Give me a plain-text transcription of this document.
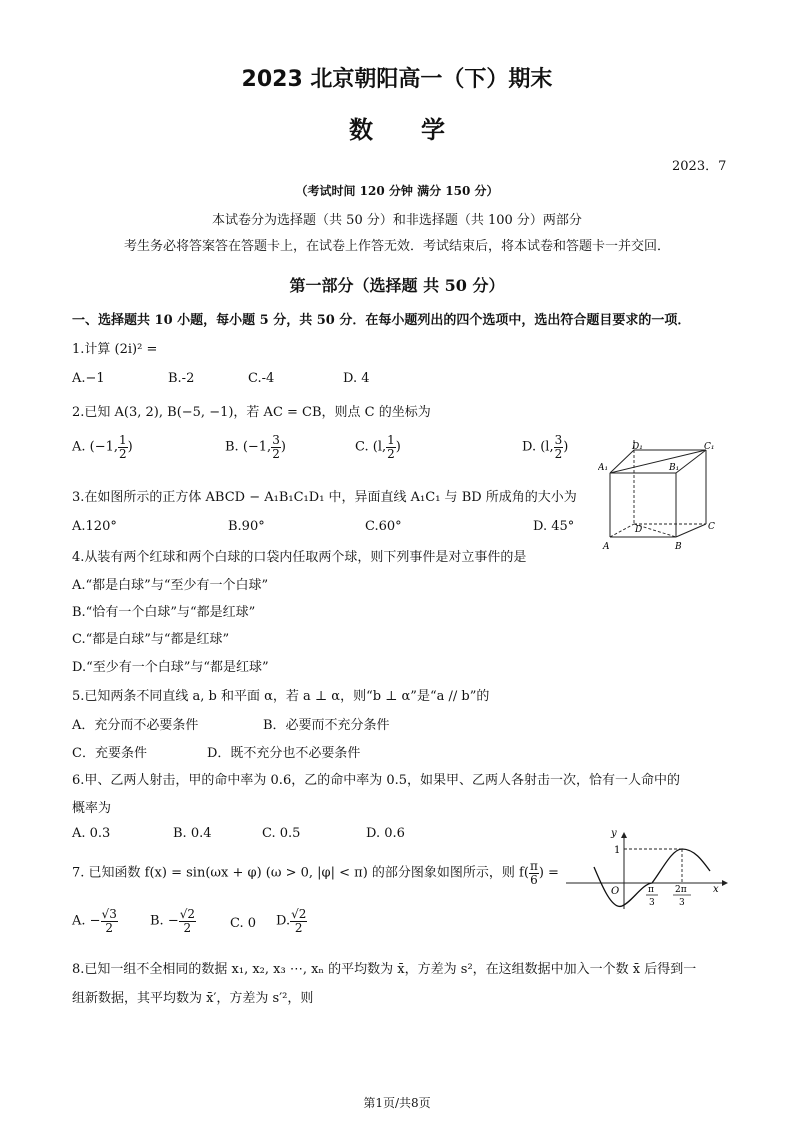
2023 北京朝阳高一（下）期末
数　　学
2023．7
（考试时间 120 分钟 满分 150 分）
本试卷分为选择题（共 50 分）和非选择题（共 100 分）两部分
考生务必将答案答在答题卡上，在试卷上作答无效．考试结束后，将本试卷和答题卡一并交回．
第一部分（选择题 共 50 分）
一、选择题共 10 小题，每小题 5 分，共 50 分．在每小题列出的四个选项中，选出符合题目要求的一项．
1.计算 (2i)² =
A.−1	B.-2	C.-4	D. 4
2.已知 A(3, 2), B(−5, −1)，若 AC = CB，则点 C 的坐标为
A. (−1, $\frac{1}{2}$ )	B. (−1, $\frac{3}{2}$ )	C. (l, $\frac{1}{2}$ )	D. (l, $\frac{3}{2}$ )
3.在如图所示的正方体 ABCD − A₁B₁C₁D₁ 中，异面直线 A₁C₁ 与 BD 所成角的大小为
A.120°	B.90°	C.60°	D. 45°
D₁	C₁
A₁	B₁
D	C
A	B
4.从装有两个红球和两个白球的口袋内任取两个球，则下列事件是对立事件的是
A.“都是白球”与“至少有一个白球”
B.“恰有一个白球”与“都是红球”
C.“都是白球”与“都是红球”
D.“至少有一个白球”与“都是红球”
5.已知两条不同直线 a, b 和平面 α，若 a ⊥ α，则“b ⊥ α”是“a // b”的
A．充分而不必要条件	B．必要而不充分条件
C．充要条件	D．既不充分也不必要条件
6.甲、乙两人射击，甲的命中率为 0.6，乙的命中率为 0.5，如果甲、乙两人各射击一次，恰有一人命中的
概率为
A. 0.3	B. 0.4	C. 0.5	D. 0.6
7. 已知函数 f(x) = sin(ωx + φ) (ω > 0, |φ| < π) 的部分图象如图所示，则 $f( \frac{\pi}{6}$ ) =
A. − $\frac{√3}{2} B$. − $\frac{√2}{2}$	C. 0 D. $\frac{√2}{2}$
y
x
O
1
π
3
2π
3
8.已知一组不全相同的数据 x₁, x₂, x₃ ⋯, xₙ 的平均数为 x̄，方差为 s²，在这组数据中加入一个数 x̄ 后得到一
组新数据，其平均数为 x̄′，方差为 s′²，则
第1页/共8页
